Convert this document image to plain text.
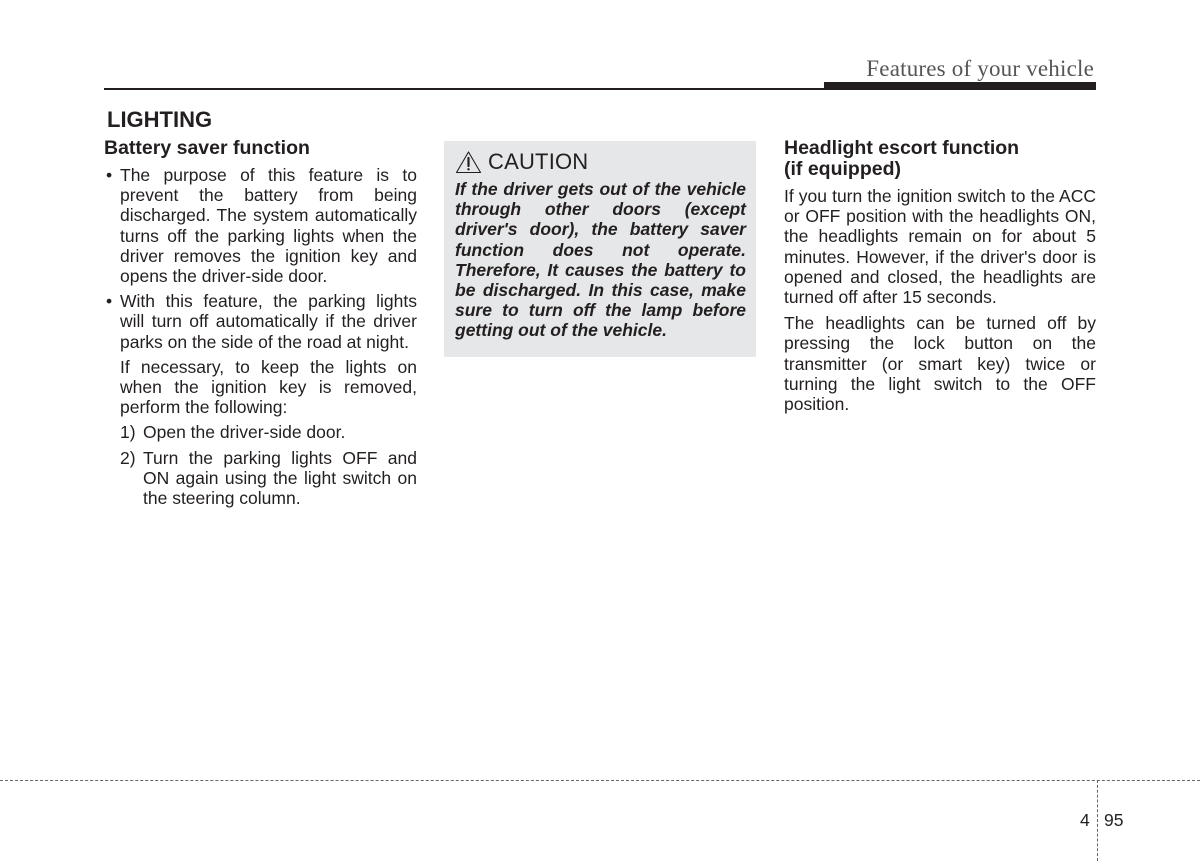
Features of your vehicle
LIGHTING
Battery saver function

• The purpose of this feature is to prevent the battery from being discharged. The system automatically turns off the parking lights when the driver removes the ignition key and opens the driver-side door.

• With this feature, the parking lights will turn off automatically if the driver parks on the side of the road at night.

If necessary, to keep the lights on when the ignition key is removed, perform the following:

1) Open the driver-side door.

2) Turn the parking lights OFF and ON again using the light switch on the steering column.

CAUTION

If the driver gets out of the vehicle through other doors (except driver's door), the battery saver function does not operate. Therefore, It causes the battery to be discharged. In this case, make sure to turn off the lamp before getting out of the vehicle.

Headlight escort function
(if equipped)

If you turn the ignition switch to the ACC or OFF position with the headlights ON, the headlights remain on for about 5 minutes. However, if the driver's door is opened and closed, the headlights are turned off after 15 seconds.

The headlights can be turned off by pressing the lock button on the transmitter (or smart key) twice or turning the light switch to the OFF position.

4 95
